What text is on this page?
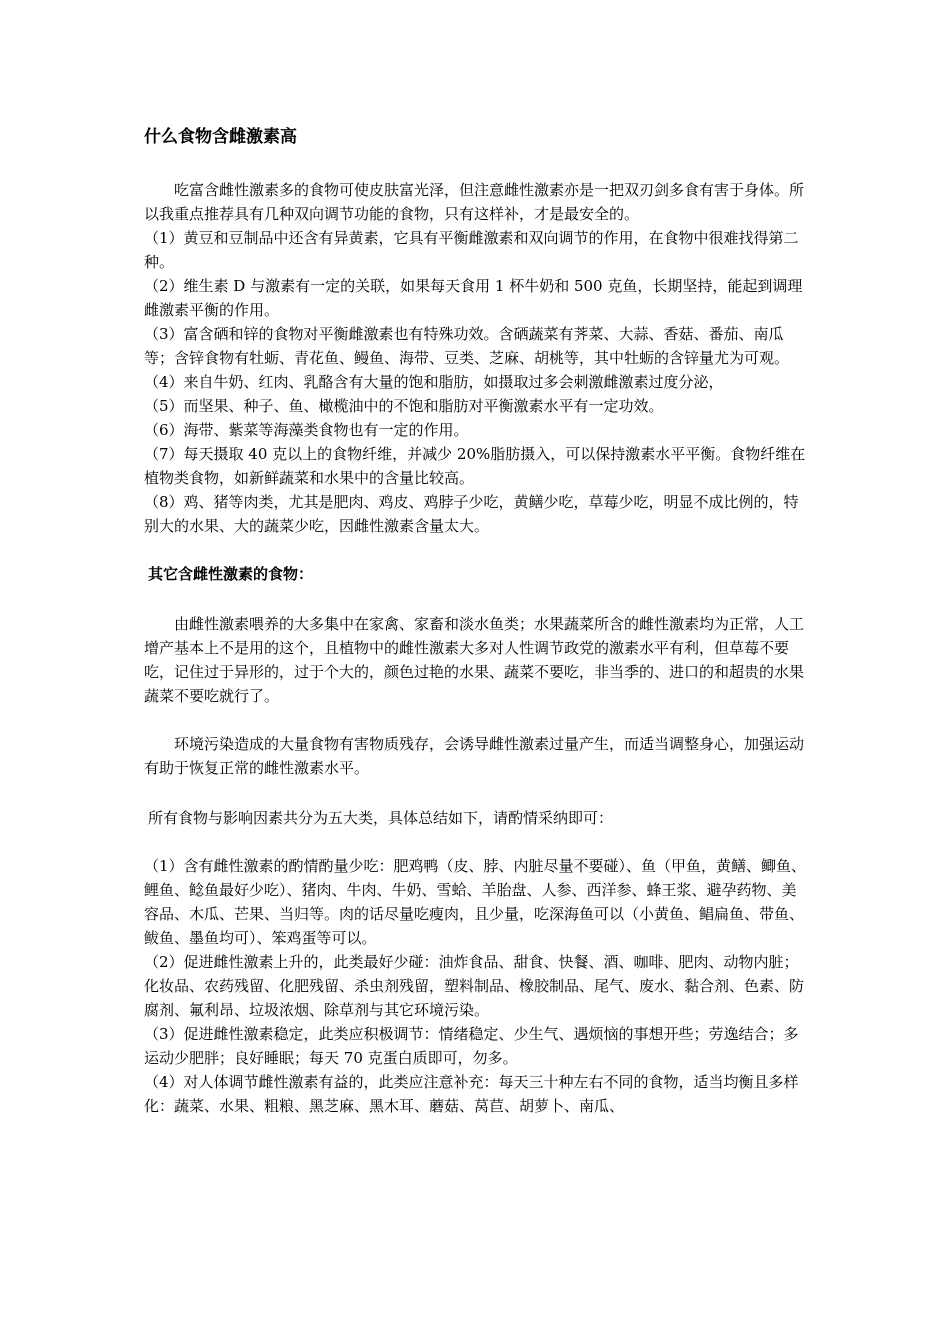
什么食物含雌激素高

吃富含雌性激素多的食物可使皮肤富光泽，但注意雌性激素亦是一把双刃剑多食有害于身体。所以我重点推荐具有几种双向调节功能的食物，只有这样补，才是最安全的。

（1）黄豆和豆制品中还含有异黄素，它具有平衡雌激素和双向调节的作用，在食物中很难找得第二种。

（2）维生素 D 与激素有一定的关联，如果每天食用 1 杯牛奶和 500 克鱼，长期坚持，能起到调理雌激素平衡的作用。

（3）富含硒和锌的食物对平衡雌激素也有特殊功效。含硒蔬菜有荠菜、大蒜、香菇、番茄、南瓜等；含锌食物有牡蛎、青花鱼、鳗鱼、海带、豆类、芝麻、胡桃等，其中牡蛎的含锌量尤为可观。

（4）来自牛奶、红肉、乳酪含有大量的饱和脂肪，如摄取过多会刺激雌激素过度分泌，

（5）而坚果、种子、鱼、橄榄油中的不饱和脂肪对平衡激素水平有一定功效。

（6）海带、紫菜等海藻类食物也有一定的作用。

（7）每天摄取 40 克以上的食物纤维，并减少 20%脂肪摄入，可以保持激素水平平衡。食物纤维在植物类食物，如新鲜蔬菜和水果中的含量比较高。

（8）鸡、猪等肉类，尤其是肥肉、鸡皮、鸡脖子少吃，黄鳝少吃，草莓少吃，明显不成比例的，特别大的水果、大的蔬菜少吃，因雌性激素含量太大。

其它含雌性激素的食物：

由雌性激素喂养的大多集中在家禽、家畜和淡水鱼类；水果蔬菜所含的雌性激素均为正常，人工增产基本上不是用的这个，且植物中的雌性激素大多对人性调节政党的激素水平有利，但草莓不要吃，记住过于异形的，过于个大的，颜色过艳的水果、蔬菜不要吃，非当季的、进口的和超贵的水果蔬菜不要吃就行了。

环境污染造成的大量食物有害物质残存，会诱导雌性激素过量产生，而适当调整身心，加强运动有助于恢复正常的雌性激素水平。

所有食物与影响因素共分为五大类，具体总结如下，请酌情采纳即可：

（1）含有雌性激素的酌情酌量少吃：肥鸡鸭（皮、脖、内脏尽量不要碰）、鱼（甲鱼，黄鳝、鲫鱼、鲤鱼、鲶鱼最好少吃）、猪肉、牛肉、牛奶、雪蛤、羊胎盘、人参、西洋参、蜂王浆、避孕药物、美容品、木瓜、芒果、当归等。肉的话尽量吃瘦肉，且少量，吃深海鱼可以（小黄鱼、鲳扁鱼、带鱼、鲅鱼、墨鱼均可）、笨鸡蛋等可以。

（2）促进雌性激素上升的，此类最好少碰：油炸食品、甜食、快餐、酒、咖啡、肥肉、动物内脏；化妆品、农药残留、化肥残留、杀虫剂残留，塑料制品、橡胶制品、尾气、废水、黏合剂、色素、防腐剂、氟利昂、垃圾浓烟、除草剂与其它环境污染。

（3）促进雌性激素稳定，此类应积极调节：情绪稳定、少生气、遇烦恼的事想开些；劳逸结合；多运动少肥胖；良好睡眠；每天 70 克蛋白质即可，勿多。

（4）对人体调节雌性激素有益的，此类应注意补充：每天三十种左右不同的食物，适当均衡且多样化：蔬菜、水果、粗粮、黑芝麻、黑木耳、蘑菇、莴苣、胡萝卜、南瓜、
